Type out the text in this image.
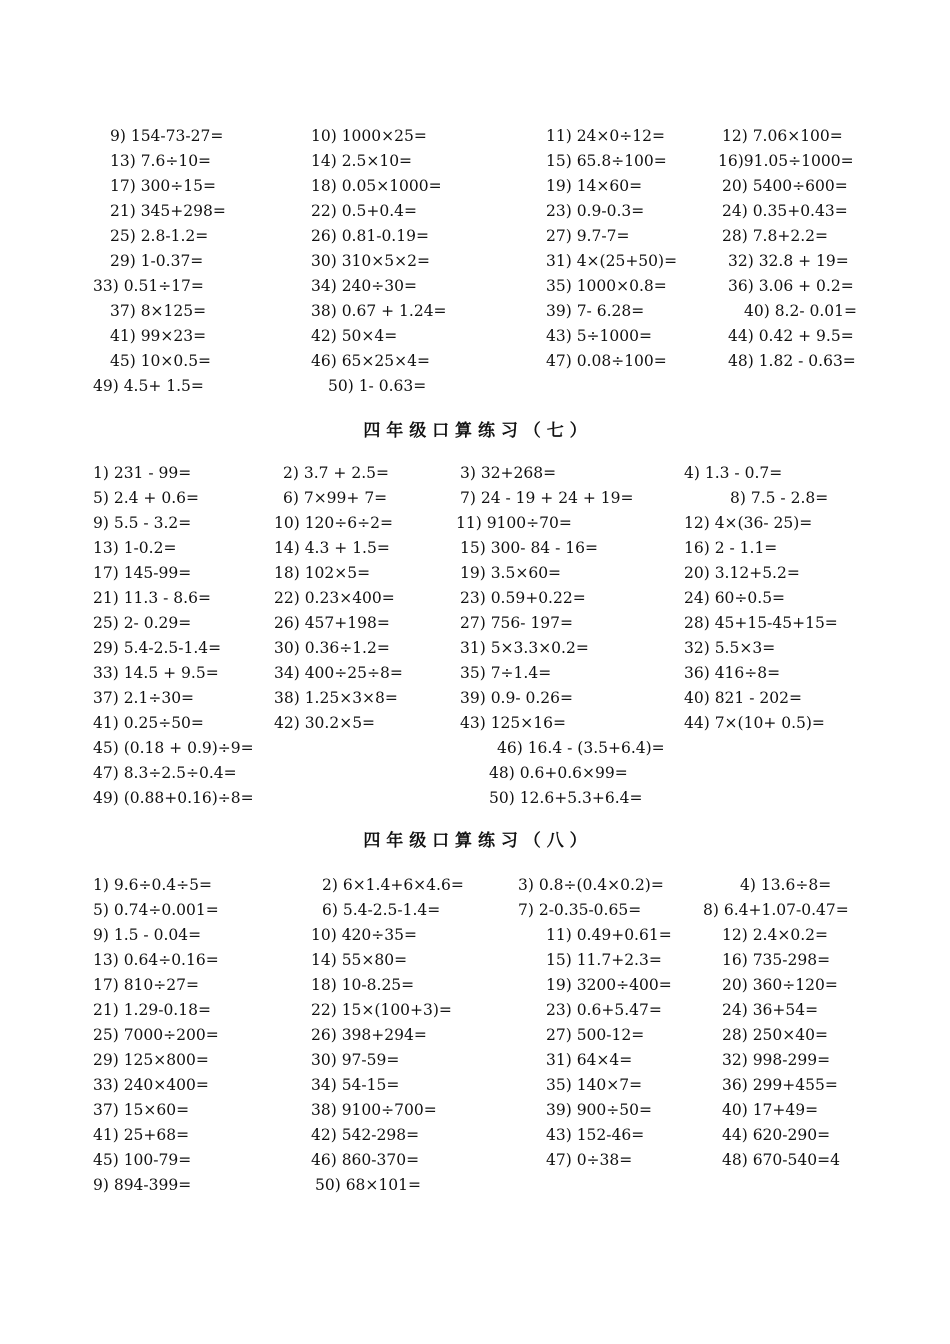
9) 154-73-27=	10) 1000×25=	11) 24×0÷12=	12) 7.06×100=
13) 7.6÷10=	14) 2.5×10=	15) 65.8÷100=	16)91.05÷1000=
17) 300÷15=	18) 0.05×1000=	19) 14×60=	20) 5400÷600=
21) 345+298=	22) 0.5+0.4=	23) 0.9-0.3=	24) 0.35+0.43=
25) 2.8-1.2=	26) 0.81-0.19=	27) 9.7-7=	28) 7.8+2.2=
29) 1-0.37=	30) 310×5×2=	31) 4×(25+50)=	32) 32.8 + 19=
33) 0.51÷17=	34) 240÷30=	35) 1000×0.8=	36) 3.06 + 0.2=
37) 8×125=	38) 0.67 + 1.24=	39) 7- 6.28=	40) 8.2- 0.01=
41) 99×23=	42) 50×4=	43) 5÷1000=	44) 0.42 + 9.5=
45) 10×0.5=	46) 65×25×4=	47) 0.08÷100=	48) 1.82 - 0.63=
49) 4.5+ 1.5=	50) 1- 0.63=
四 年 级 口 算 练 习 （ 七 ）
1) 231 - 99=	2) 3.7 + 2.5=	3) 32+268=	4) 1.3 - 0.7=
5) 2.4 + 0.6=	6) 7×99+ 7=	7) 24 - 19 + 24 + 19=	8) 7.5 - 2.8=
9) 5.5 - 3.2=	10) 120÷6÷2=	11) 9100÷70=	12) 4×(36- 25)=
13) 1-0.2=	14) 4.3 + 1.5=	15) 300- 84 - 16=	16) 2 - 1.1=
17) 145-99=	18) 102×5=	19) 3.5×60=	20) 3.12+5.2=
21) 11.3 - 8.6=	22) 0.23×400=	23) 0.59+0.22=	24) 60÷0.5=
25) 2- 0.29=	26) 457+198=	27) 756- 197=	28) 45+15-45+15=
29) 5.4-2.5-1.4=	30) 0.36÷1.2=	31) 5×3.3×0.2=	32) 5.5×3=
33) 14.5 + 9.5=	34) 400÷25÷8=	35) 7÷1.4=	36) 416÷8=
37) 2.1÷30=	38) 1.25×3×8=	39) 0.9- 0.26=	40) 821 - 202=
41) 0.25÷50=	42) 30.2×5=	43) 125×16=	44) 7×(10+ 0.5)=
45) (0.18 + 0.9)÷9=	46) 16.4 - (3.5+6.4)=
47) 8.3÷2.5÷0.4=	48) 0.6+0.6×99=
49) (0.88+0.16)÷8=	50) 12.6+5.3+6.4=
四 年 级 口 算 练 习 （ 八 ）
1) 9.6÷0.4÷5=	2) 6×1.4+6×4.6=	3) 0.8÷(0.4×0.2)=	4) 13.6÷8=
5) 0.74÷0.001=	6) 5.4-2.5-1.4=	7) 2-0.35-0.65=	8) 6.4+1.07-0.47=
9) 1.5 - 0.04=	10) 420÷35=	11) 0.49+0.61=	12) 2.4×0.2=
13) 0.64÷0.16=	14) 55×80=	15) 11.7+2.3=	16) 735-298=
17) 810÷27=	18) 10-8.25=	19) 3200÷400=	20) 360÷120=
21) 1.29-0.18=	22) 15×(100+3)=	23) 0.6+5.47=	24) 36+54=
25) 7000÷200=	26) 398+294=	27) 500-12=	28) 250×40=
29) 125×800=	30) 97-59=	31) 64×4=	32) 998-299=
33) 240×400=	34) 54-15=	35) 140×7=	36) 299+455=
37) 15×60=	38) 9100÷700=	39) 900÷50=	40) 17+49=
41) 25+68=	42) 542-298=	43) 152-46=	44) 620-290=
45) 100-79=	46) 860-370=	47) 0÷38=	48) 670-540=4
9) 894-399=	50) 68×101=
